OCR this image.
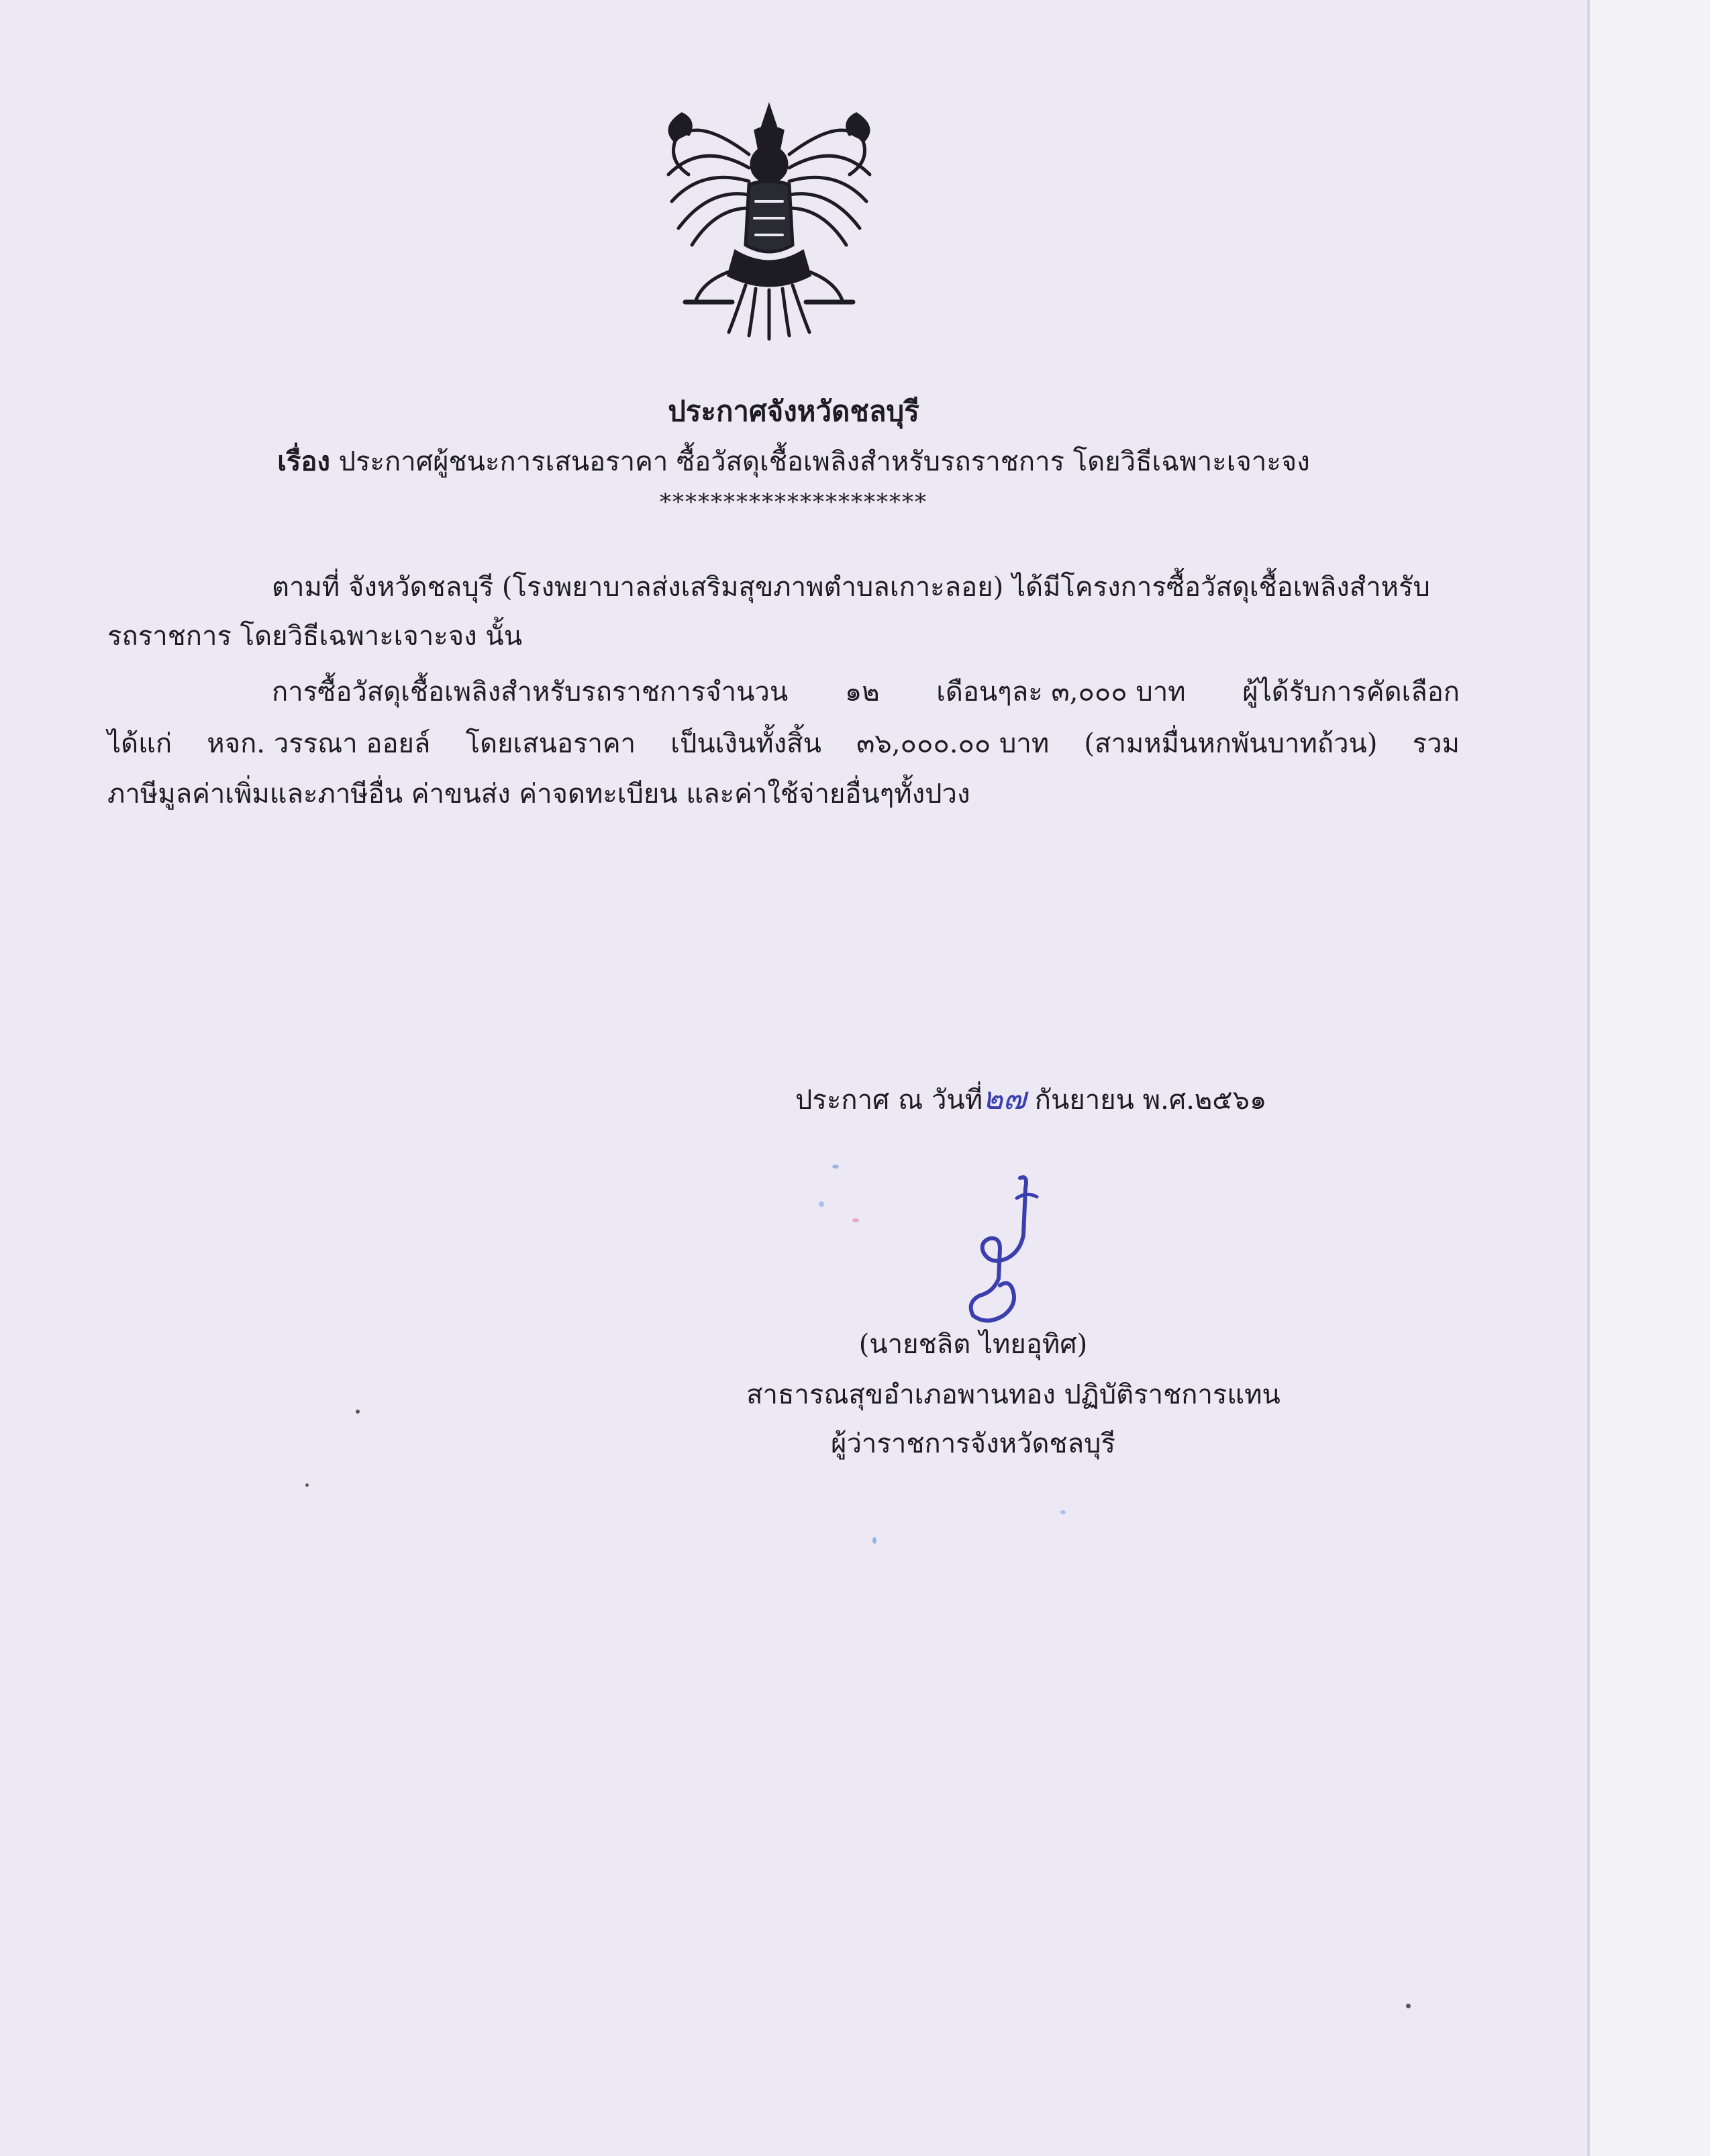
ประกาศจังหวัดชลบุรี
เรื่อง ประกาศผู้ชนะการเสนอราคา ซื้อวัสดุเชื้อเพลิงสำหรับรถราชการ โดยวิธีเฉพาะเจาะจง
*********************
ตามที่ จังหวัดชลบุรี (โรงพยาบาลส่งเสริมสุขภาพตำบลเกาะลอย) ได้มีโครงการซื้อวัสดุเชื้อเพลิงสำหรับ
รถราชการ โดยวิธีเฉพาะเจาะจง นั้น
การซื้อวัสดุเชื้อเพลิงสำหรับรถราชการจำนวน ๑๒ เดือนๆละ ๓,๐๐๐ บาท ผู้ได้รับการคัดเลือก
ได้แก่ หจก. วรรณา ออยล์ โดยเสนอราคา เป็นเงินทั้งสิ้น ๓๖,๐๐๐.๐๐ บาท (สามหมื่นหกพันบาทถ้วน) รวม
ภาษีมูลค่าเพิ่มและภาษีอื่น ค่าขนส่ง ค่าจดทะเบียน และค่าใช้จ่ายอื่นๆทั้งปวง
ประกาศ ณ วันที่๒๗ กันยายน พ.ศ.๒๕๖๑
(นายชลิต ไทยอุทิศ)
สาธารณสุขอำเภอพานทอง ปฏิบัติราชการแทน
ผู้ว่าราชการจังหวัดชลบุรี
